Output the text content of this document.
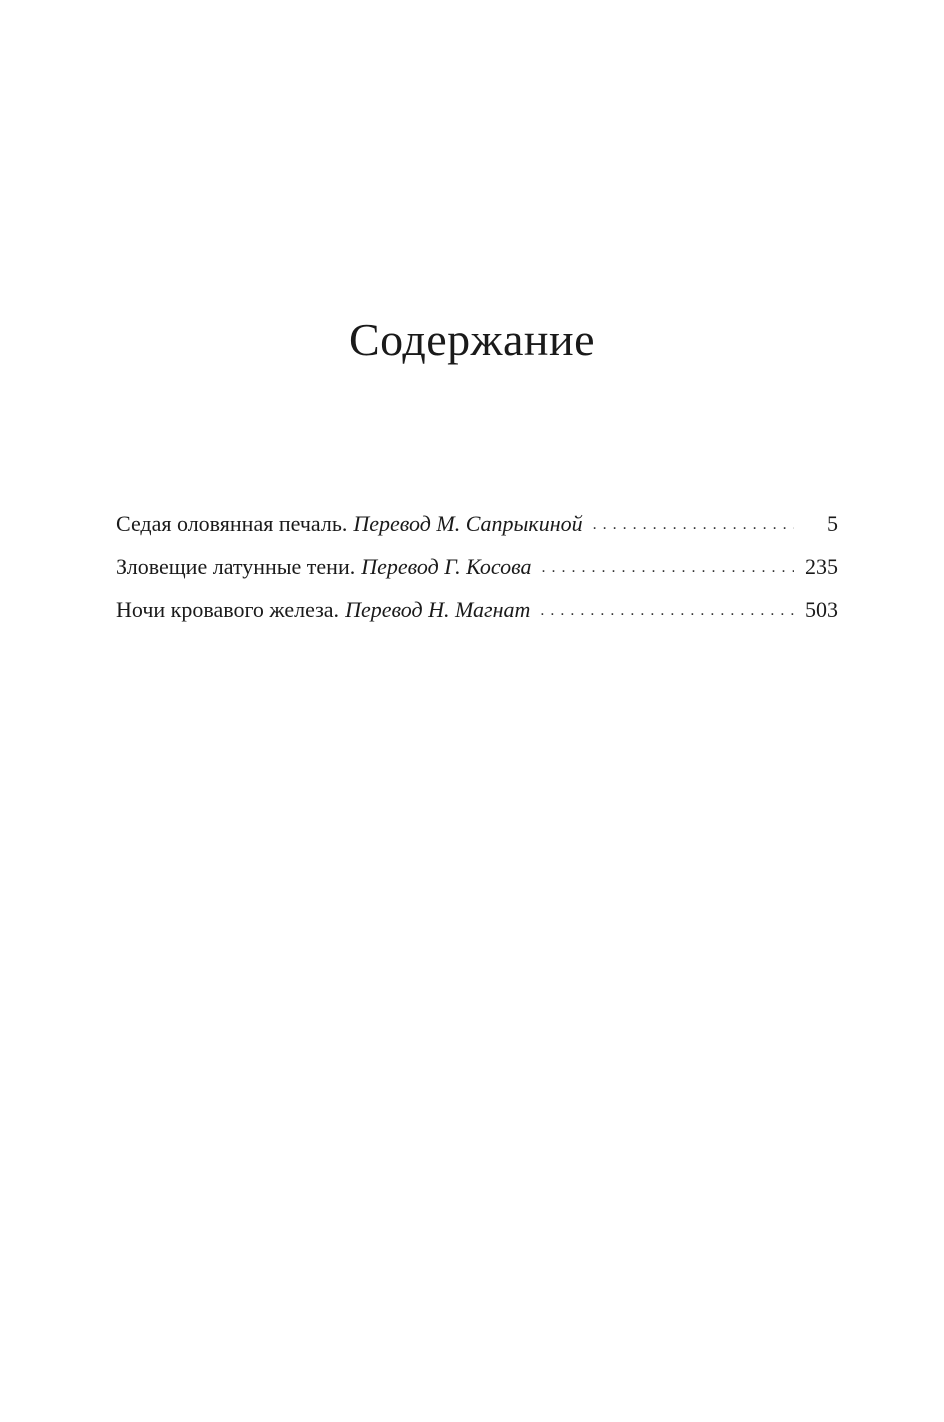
Содержание
Седая оловянная печаль. Перевод М. Сапрыкиной . . .	5
Зловещие латунные тени. Перевод Г. Косова . . .	235
Ночи кровавого железа. Перевод Н. Магнат . . .	503
